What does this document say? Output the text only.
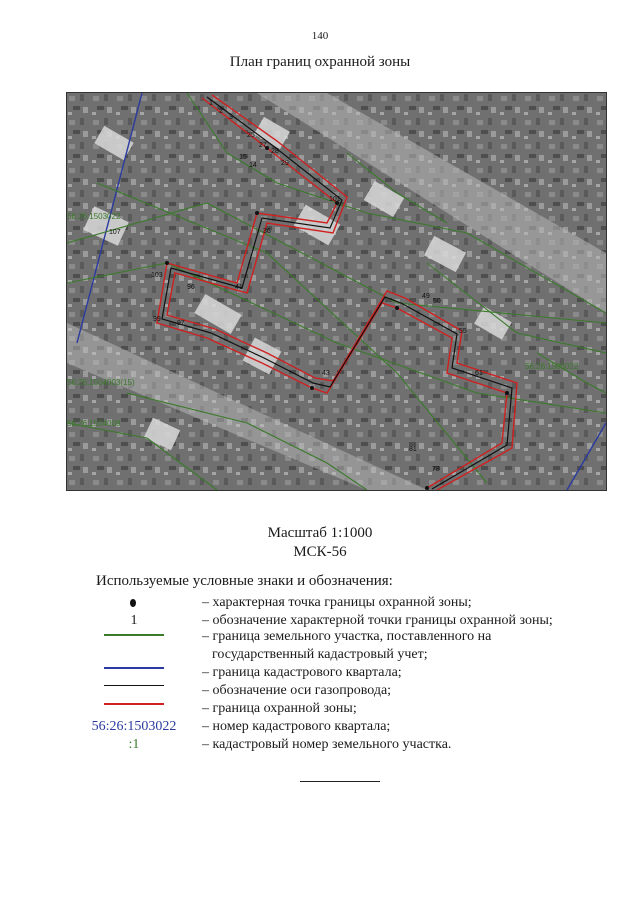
140
План границ охранной зоны
1
2
3
14
15
25
27
28
29
36
41
43
49
50
55
61
78
81
96
97
99
101
103
107
56:26:1503022
56:26:1504003(15)
56:26:1504008
56:26:1505022
Масштаб 1:1000
МСК-56
Используемые условные знаки и обозначения:
– характерная точка границы охранной зоны;
1	– обозначение характерной точки границы охранной зоны;
– граница земельного участка, поставленного на
государственный кадастровый учет;
– граница кадастрового квартала;
– обозначение оси газопровода;
– граница охранной зоны;
56:26:1503022	– номер кадастрового квартала;
:1	– кадастровый номер земельного участка.
